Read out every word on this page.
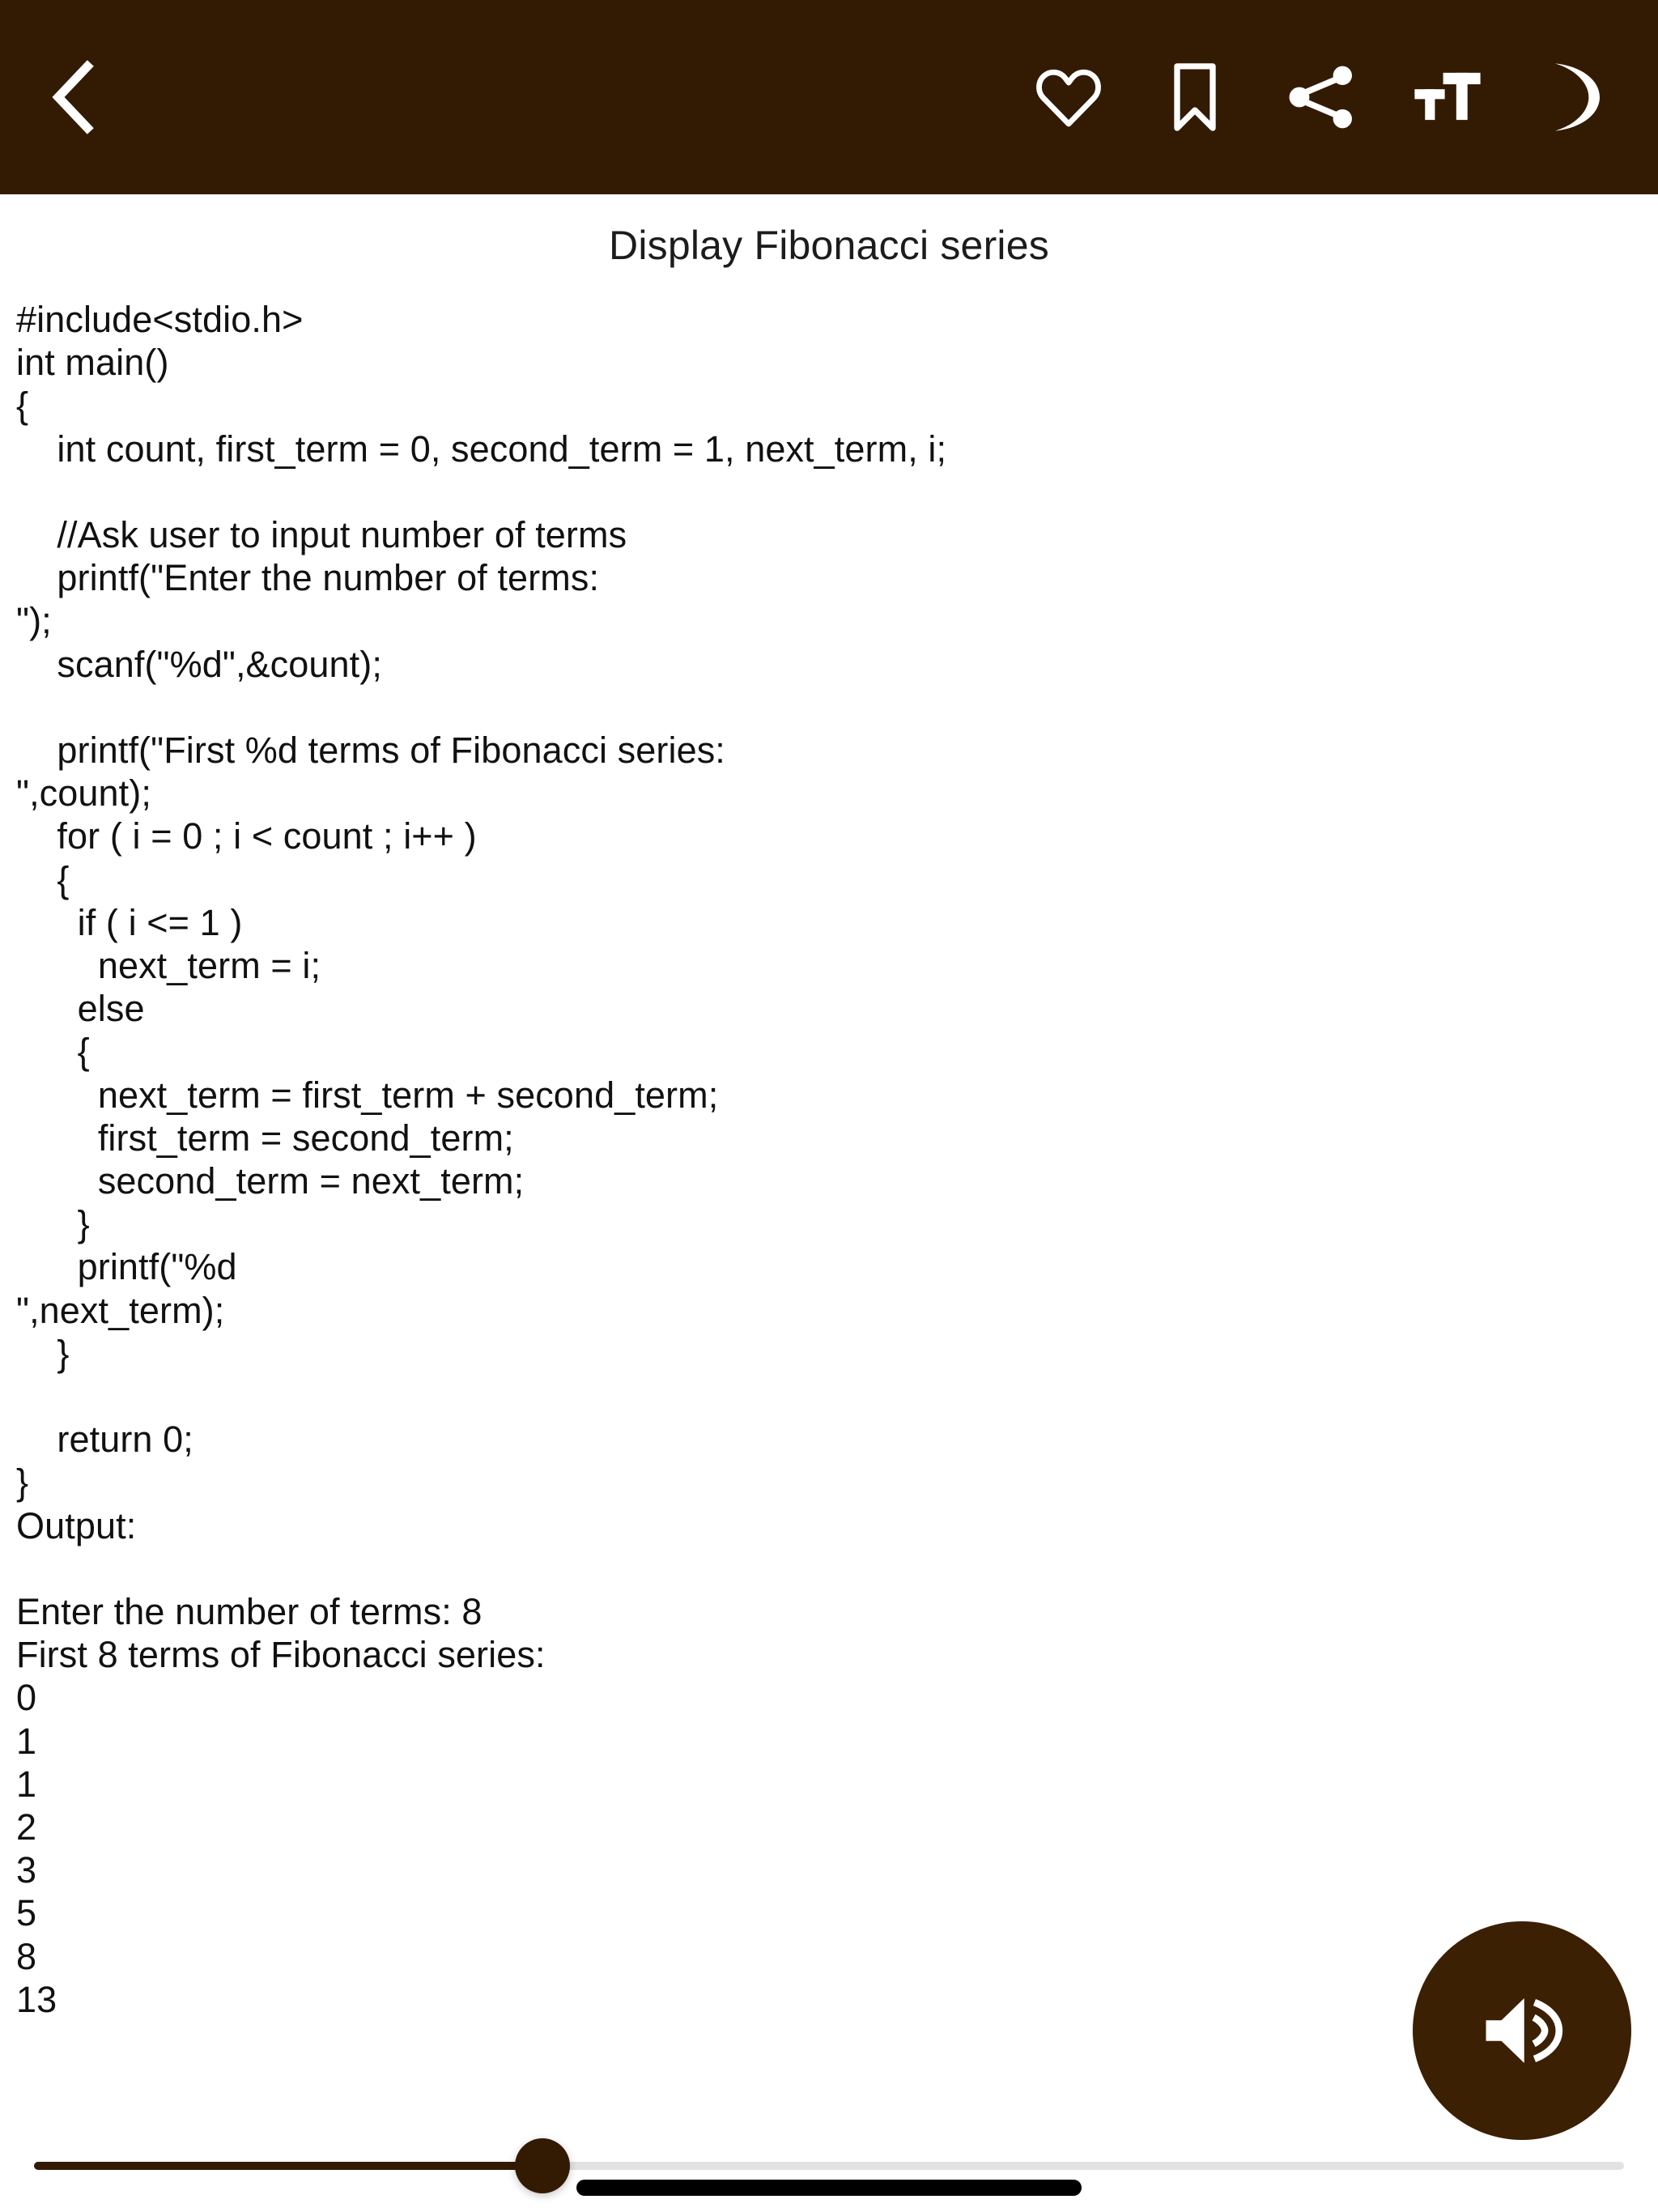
Display Fibonacci series
#include<stdio.h>
int main()
{
int count, first_term = 0, second_term = 1, next_term, i;

//Ask user to input number of terms
printf("Enter the number of terms:
");
scanf("%d",&count);

printf("First %d terms of Fibonacci series:
",count);
for ( i = 0 ; i < count ; i++ )
{
if ( i <= 1 )
next_term = i;
else
{
next_term = first_term + second_term;
first_term = second_term;
second_term = next_term;
}
printf("%d
",next_term);
}

return 0;
}
Output:

Enter the number of terms: 8
First 8 terms of Fibonacci series:
0
1
1
2
3
5
8
13
